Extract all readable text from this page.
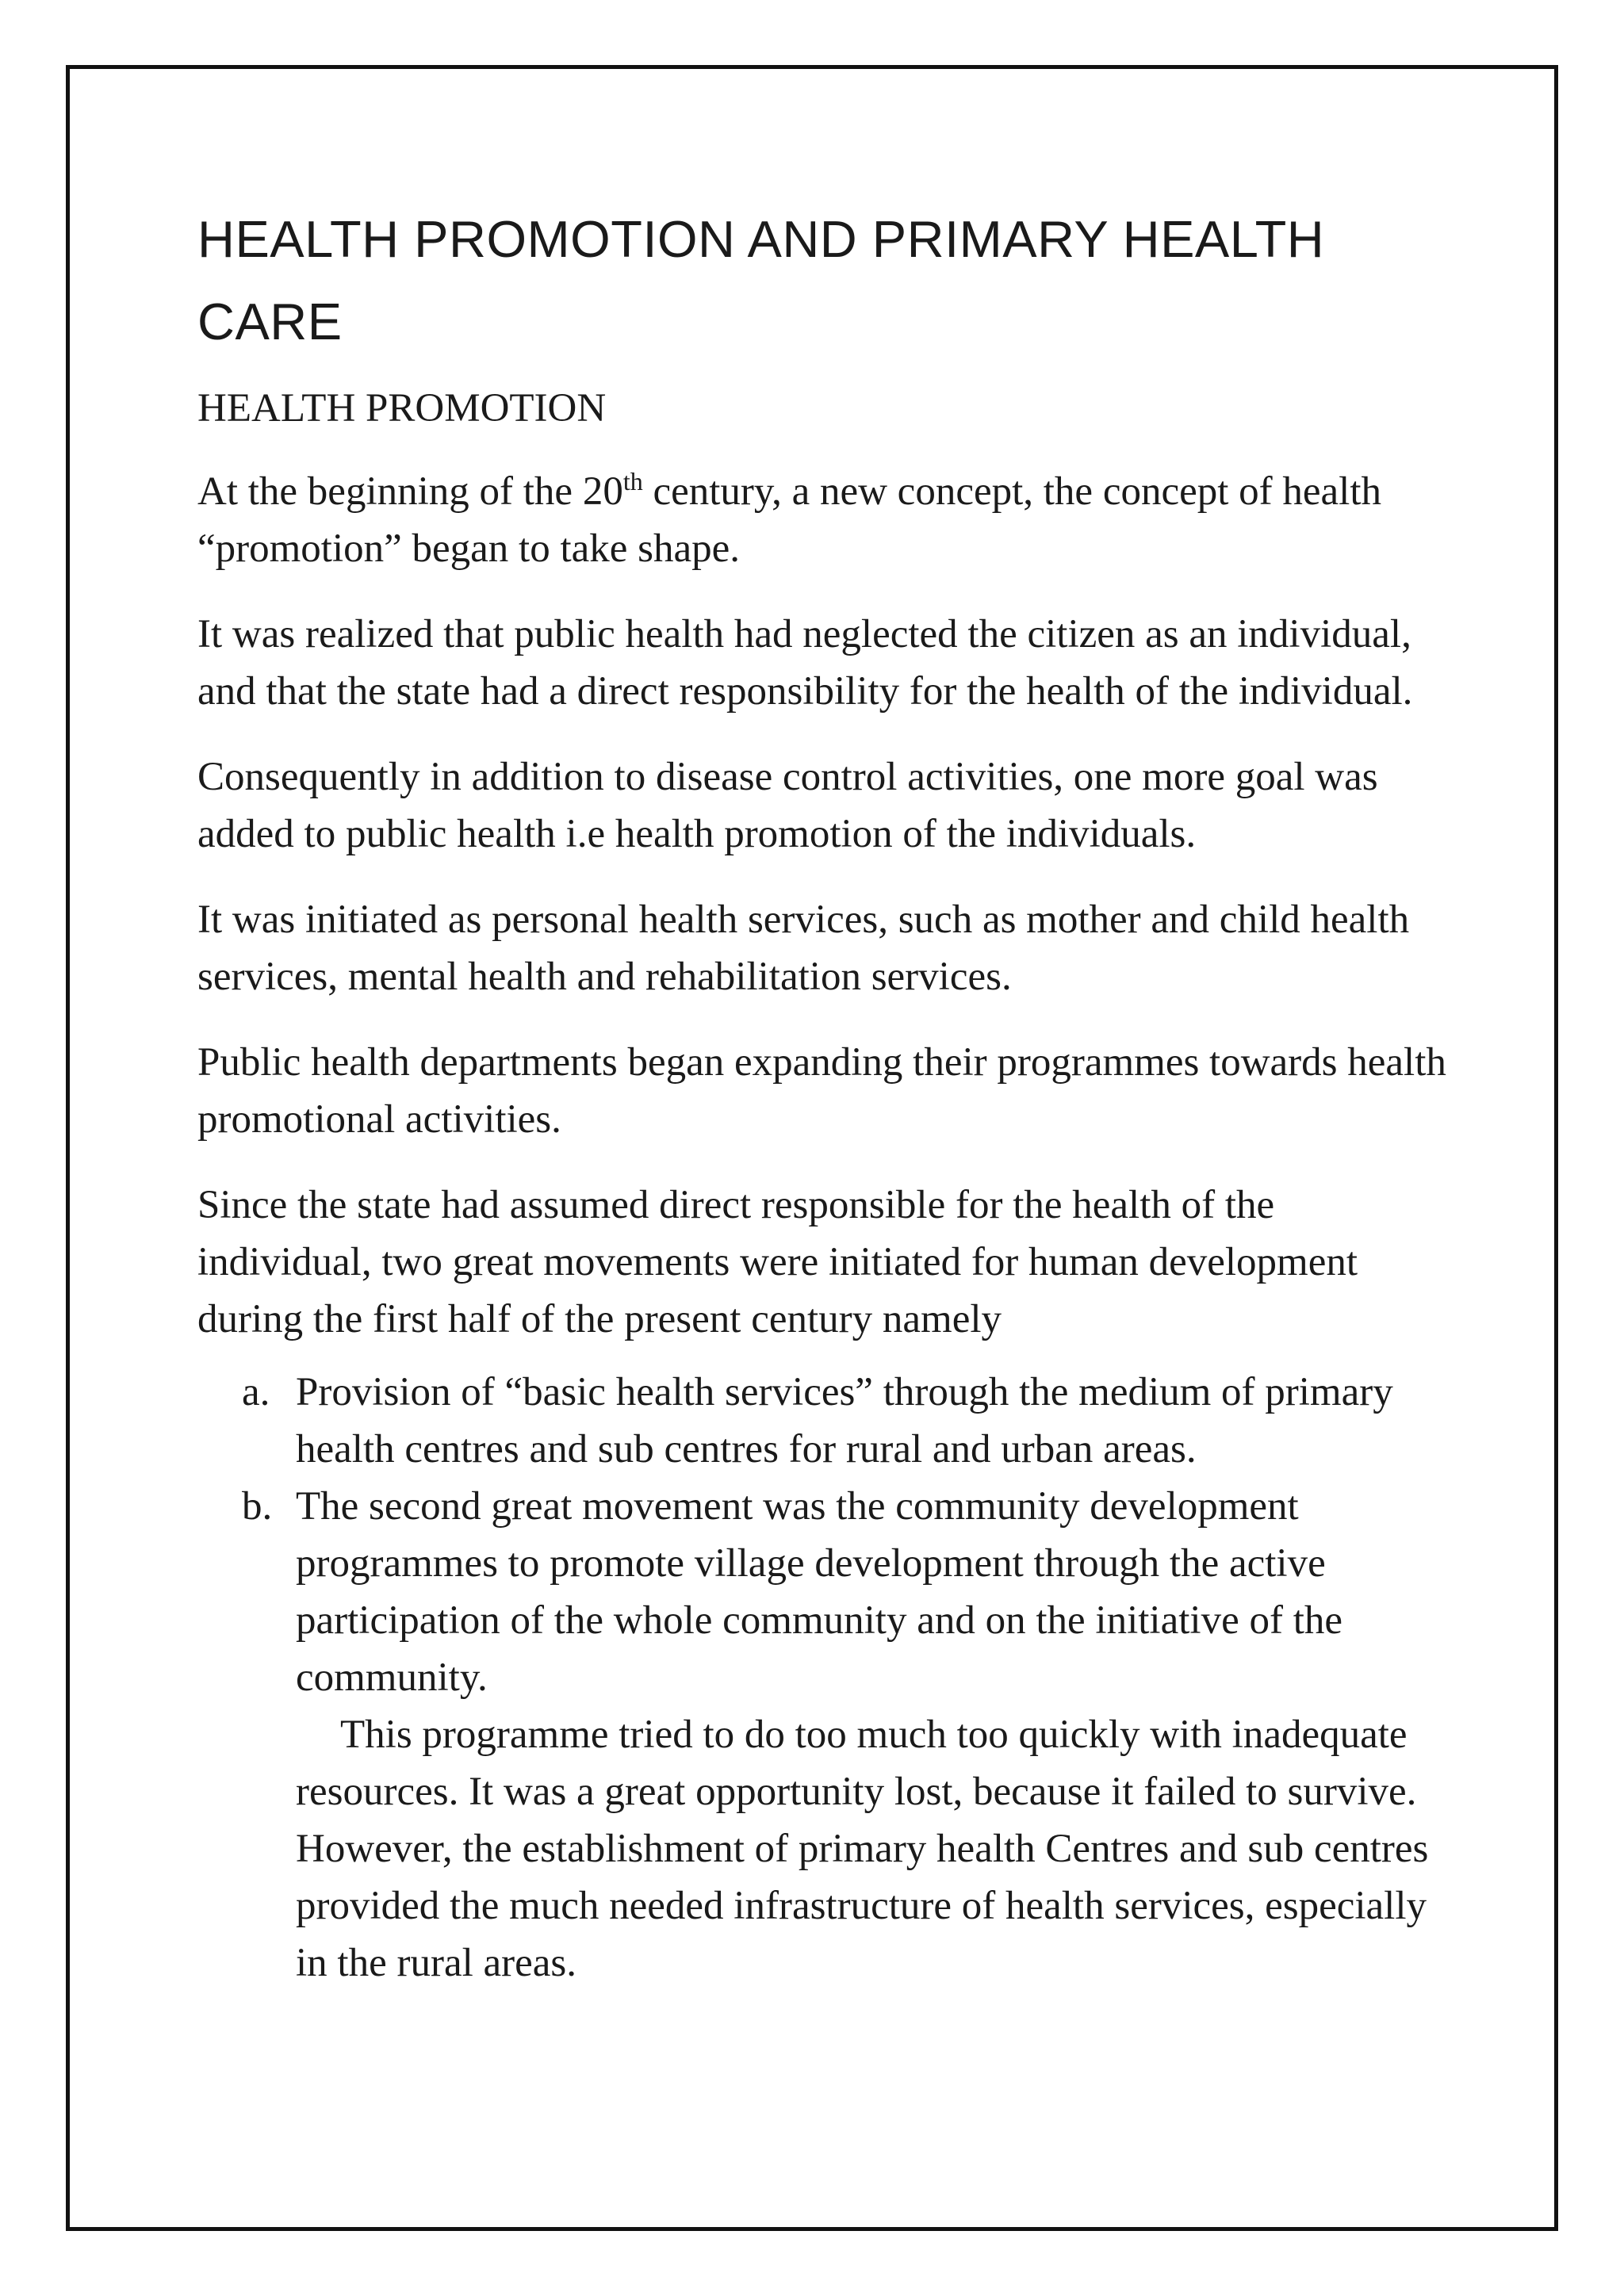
HEALTH PROMOTION AND PRIMARY HEALTH CARE
HEALTH PROMOTION

At the beginning of the 20th century, a new concept, the concept of health “promotion” began to take shape.

It was realized that public health had neglected the citizen as an individual, and that the state had a direct responsibility for the health of the individual.

Consequently in addition to disease control activities, one more goal was added to public health i.e health promotion of the individuals.

It was initiated as personal health services, such as mother and child health services, mental health and rehabilitation services.

Public health departments began expanding their programmes towards health promotional activities.

Since the state had assumed direct responsible for the health of the individual, two great movements were initiated for human development during the first half of the present century namely

a. Provision of “basic health services” through the medium of primary health centres and sub centres for rural and urban areas.
b. The second great movement was the community development programmes to promote village development through the active participation of the whole community and on the initiative of the community.

This programme tried to do too much too quickly with inadequate resources. It was a great opportunity lost, because it failed to survive. However, the establishment of primary health Centres and sub centres provided the much needed infrastructure of health services, especially in the rural areas.
